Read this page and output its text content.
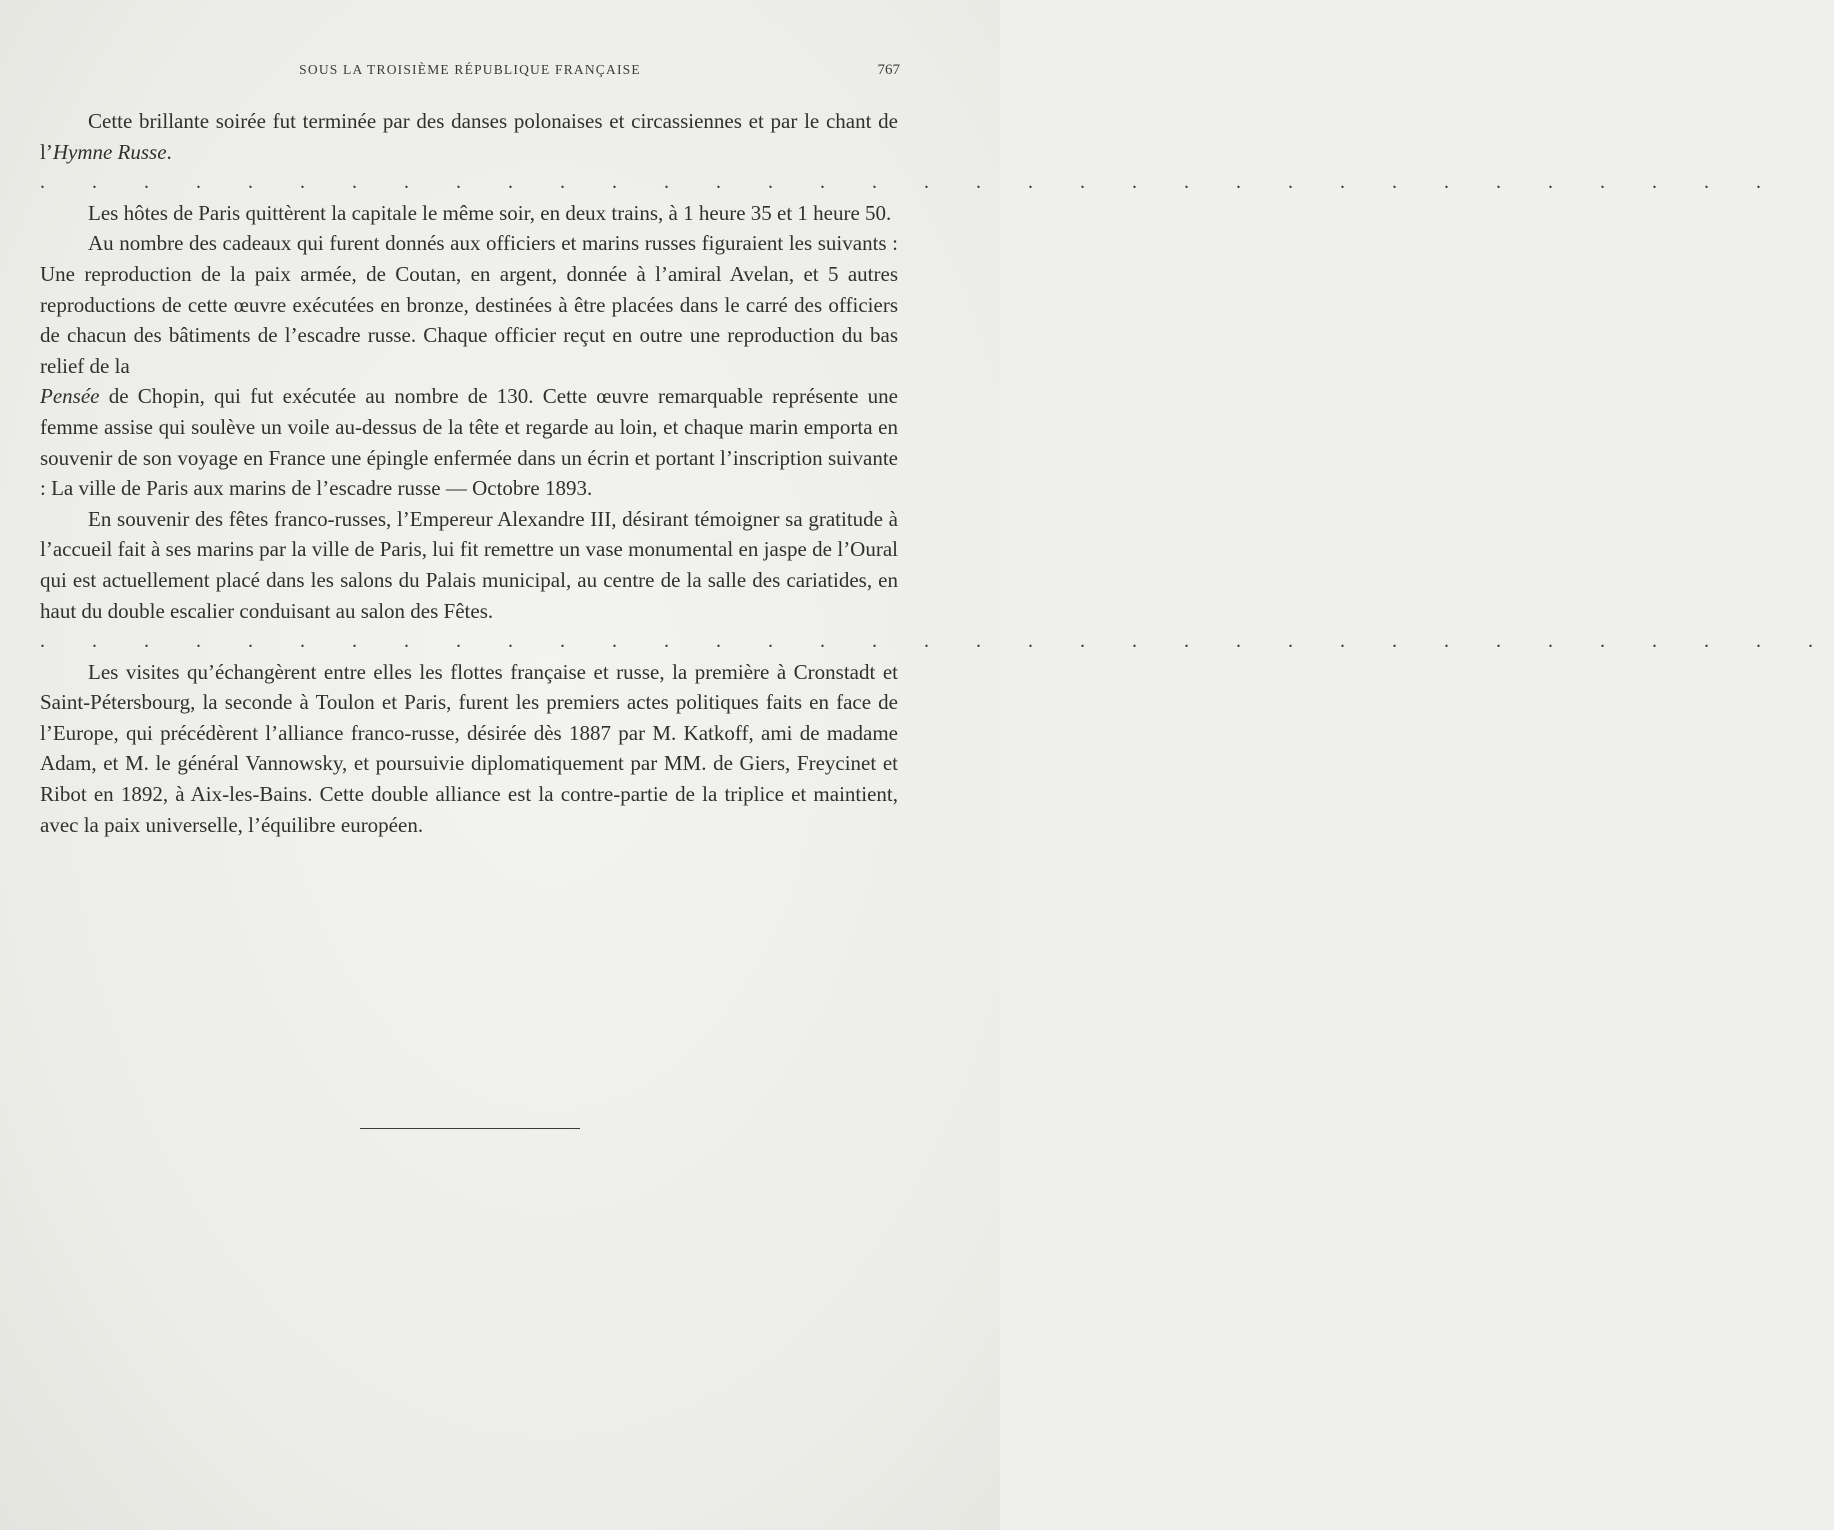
SOUS LA TROISIÈME RÉPUBLIQUE FRANÇAISE	767

Cette brillante soirée fut terminée par des danses polonaises et circassiennes et par le chant de l’Hymne Russe.

. . . . . . . . . . . . . . . . . . . . . . . . . . . . . . . . . .

Les hôtes de Paris quittèrent la capitale le même soir, en deux trains, à 1 heure 35 et 1 heure 50.

Au nombre des cadeaux qui furent donnés aux officiers et marins russes figuraient les suivants : Une reproduction de la paix armée, de Coutan, en argent, donnée à l’amiral Avelan, et 5 autres reproductions de cette œuvre exécutées en bronze, destinées à être placées dans le carré des officiers de chacun des bâtiments de l’escadre russe. Chaque officier reçut en outre une reproduction du bas relief de la

Pensée de Chopin, qui fut exécutée au nombre de 130. Cette œuvre remarquable représente une femme assise qui soulève un voile au-dessus de la tête et regarde au loin, et chaque marin emporta en souvenir de son voyage en France une épingle enfermée dans un écrin et portant l’inscription suivante : La ville de Paris aux marins de l’escadre russe — Octobre 1893.

En souvenir des fêtes franco-russes, l’Empereur Alexandre III, désirant témoigner sa gratitude à l’accueil fait à ses marins par la ville de Paris, lui fit remettre un vase monumental en jaspe de l’Oural qui est actuellement placé dans les salons du Palais municipal, au centre de la salle des cariatides, en haut du double escalier conduisant au salon des Fêtes.

. . . . . . . . . . . . . . . . . . . . . . . . . . . . . . . . . . .

Les visites qu’échangèrent entre elles les flottes française et russe, la première à Cronstadt et Saint-Pétersbourg, la seconde à Toulon et Paris, furent les premiers actes politiques faits en face de l’Europe, qui précédèrent l’alliance franco-russe, désirée dès 1887 par M. Katkoff, ami de madame Adam, et M. le général Vannowsky, et poursuivie diplomatiquement par MM. de Giers, Freycinet et Ribot en 1892, à Aix-les-Bains. Cette double alliance est la contre-partie de la triplice et maintient, avec la paix universelle, l’équilibre européen.
